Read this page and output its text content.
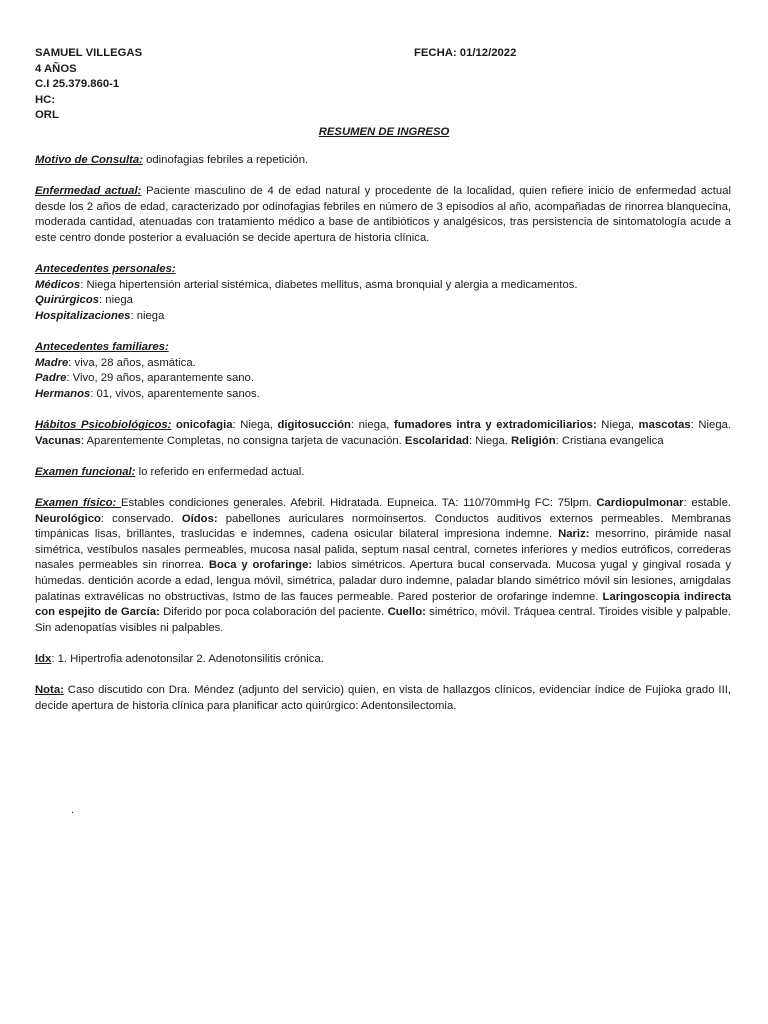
SAMUEL VILLEGAS
4 AÑOS
C.I 25.379.860-1
HC:
ORL
FECHA: 01/12/2022
RESUMEN DE INGRESO

Motivo de Consulta: odinofagias febriles a repetición.

Enfermedad actual: Paciente masculino de 4 de edad natural y procedente de la localidad, quien refiere inicio de enfermedad actual desde los 2 años de edad, caracterizado por odinofagias febriles en número de 3 episodios al año, acompañadas de rinorrea blanquecina, moderada cantidad, atenuadas con tratamiento médico a base de antibióticos y analgésicos, tras persistencia de sintomatología acude a este centro donde posterior a evaluación se decide apertura de historia clínica.

Antecedentes personales:
Médicos: Niega hipertensión arterial sistémica, diabetes mellitus, asma bronquial y alergia a medicamentos.
Quirúrgicos: niega
Hospitalizaciones: niega
Antecedentes familiares:
Madre: viva, 28 años, asmática.
Padre: Vivo, 29 años, aparantemente sano.
Hermanos: 01, vivos, aparentemente sanos.

Hábitos Psicobiológicos: onicofagia: Niega, digitosucción: niega, fumadores intra y extradomiciliarios: Niega, mascotas: Niega. Vacunas: Aparentemente Completas, no consigna tarjeta de vacunación. Escolaridad: Niega. Religión: Cristiana evangelica

Examen funcional: lo referido en enfermedad actual.

Examen físico: Estables condiciones generales. Afebril. Hidratada. Eupneica. TA: 110/70mmHg FC: 75lpm. Cardiopulmonar: estable. Neurológico: conservado. Oídos: pabellones auriculares normoinsertos. Conductos auditivos externos permeables. Membranas timpánicas lisas, brillantes, traslucidas e indemnes, cadena osicular bilateral impresiona indemne. Nariz: mesorrino, pirámide nasal simétrica, vestíbulos nasales permeables, mucosa nasal palida, septum nasal central, cornetes inferiores y medios eutróficos, correderas nasales permeables sin rinorrea. Boca y orofaringe: labios simétricos. Apertura bucal conservada. Mucosa yugal y gingival rosada y húmedas. dentición acorde a edad, lengua móvil, simétrica, paladar duro indemne, paladar blando simétrico móvil sin lesiones, amigdalas palatinas extravélicas no obstructivas, Istmo de las fauces permeable. Pared posterior de orofaringe indemne. Laringoscopia indirecta con espejito de García: Diferido por poca colaboración del paciente. Cuello: simétrico, móvil. Tráquea central. Tiroides visible y palpable. Sin adenopatías visibles ni palpables.

Idx: 1. Hipertrofia adenotonsilar 2. Adenotonsilitis crónica.

Nota: Caso discutido con Dra. Méndez (adjunto del servicio) quien, en vista de hallazgos clínicos, evidenciar índice de Fujioka grado III, decide apertura de historia clínica para planificar acto quirúrgico: Adentonsilectomia.

.
